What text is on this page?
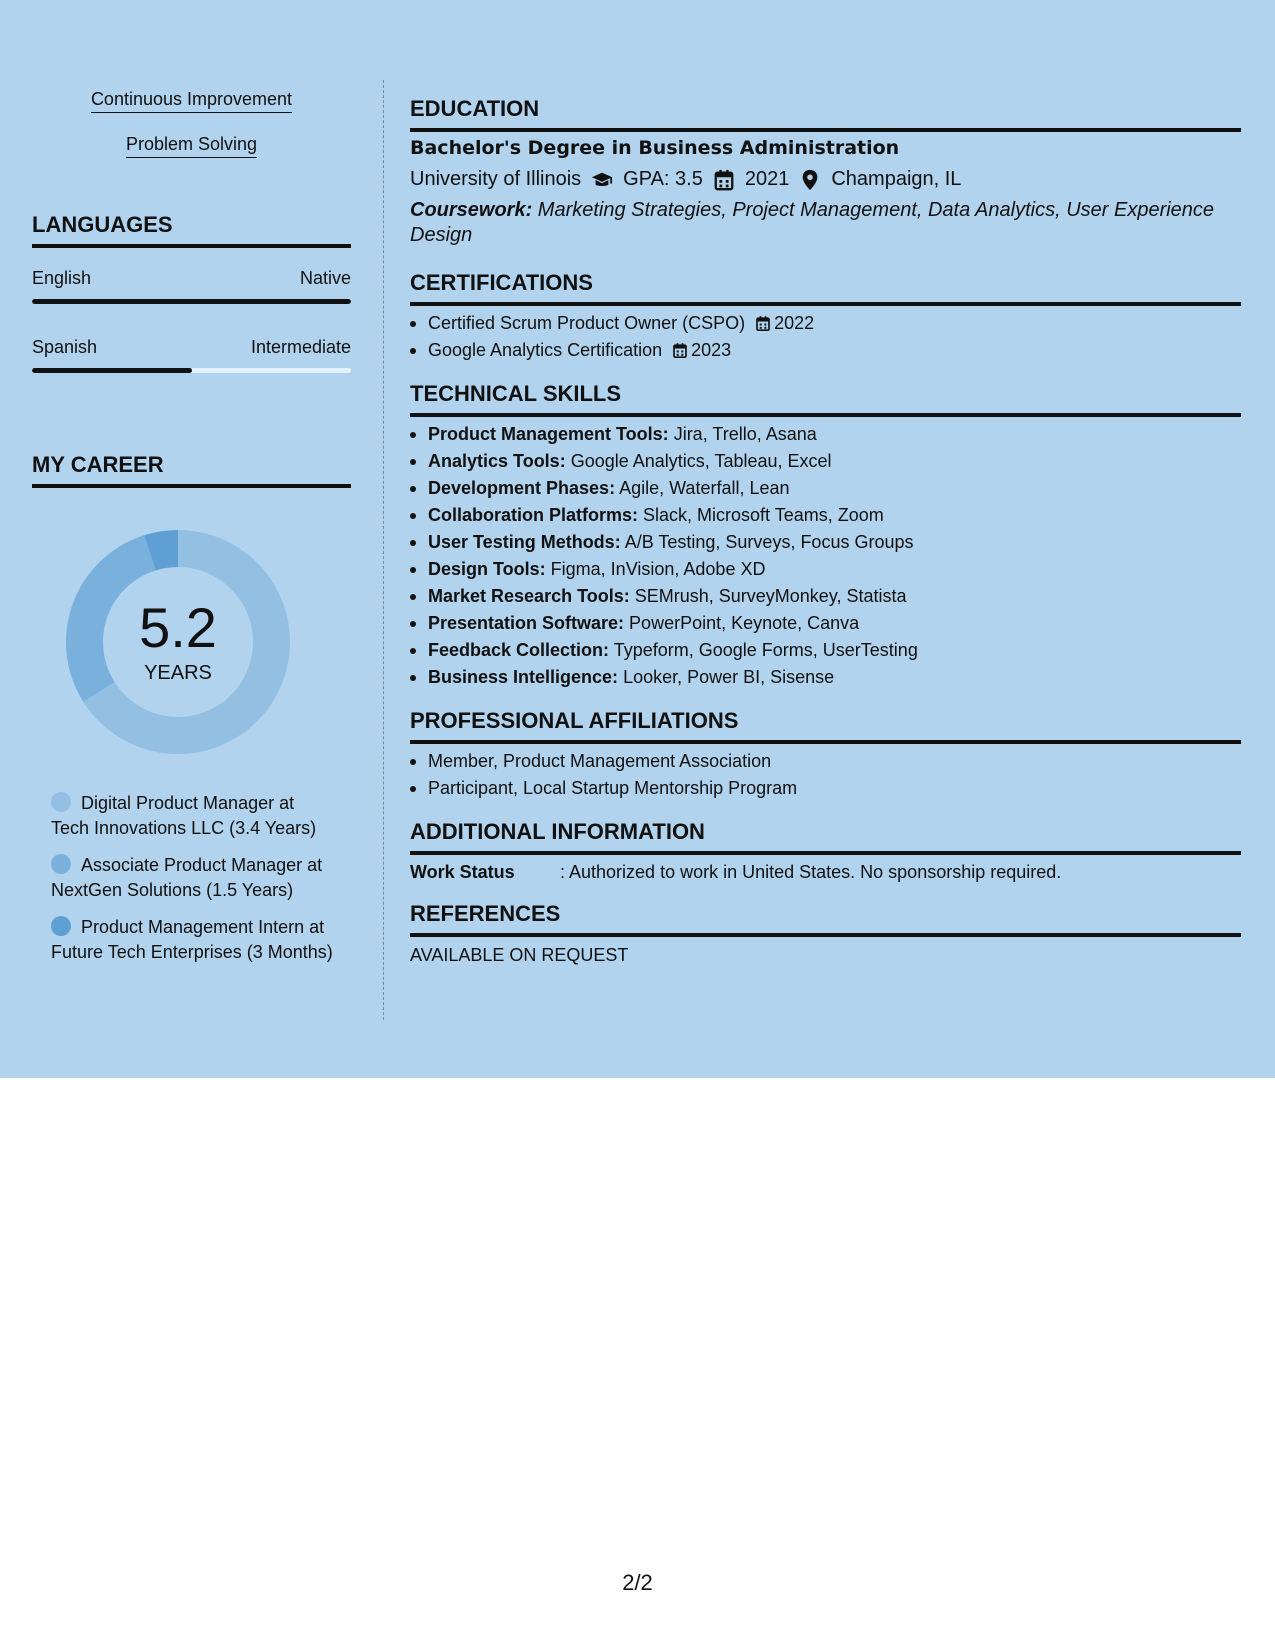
Continuous Improvement
Problem Solving
LANGUAGES
English	Native
Spanish	Intermediate
MY CAREER
5.2
YEARS
Digital Product Manager at Tech Innovations LLC (3.4 Years)
Associate Product Manager at NextGen Solutions (1.5 Years)
Product Management Intern at Future Tech Enterprises (3 Months)
EDUCATION
Bachelor's Degree in Business Administration
University of Illinois GPA: 3.5 2021 Champaign, IL
Coursework: Marketing Strategies, Project Management, Data Analytics, User Experience Design
CERTIFICATIONS
Certified Scrum Product Owner (CSPO) 2022
Google Analytics Certification 2023
TECHNICAL SKILLS
Product Management Tools: Jira, Trello, Asana
Analytics Tools: Google Analytics, Tableau, Excel
Development Phases: Agile, Waterfall, Lean
Collaboration Platforms: Slack, Microsoft Teams, Zoom
User Testing Methods: A/B Testing, Surveys, Focus Groups
Design Tools: Figma, InVision, Adobe XD
Market Research Tools: SEMrush, SurveyMonkey, Statista
Presentation Software: PowerPoint, Keynote, Canva
Feedback Collection: Typeform, Google Forms, UserTesting
Business Intelligence: Looker, Power BI, Sisense
PROFESSIONAL AFFILIATIONS
Member, Product Management Association
Participant, Local Startup Mentorship Program
ADDITIONAL INFORMATION
Work Status	: Authorized to work in United States. No sponsorship required.
REFERENCES
AVAILABLE ON REQUEST
2/2
